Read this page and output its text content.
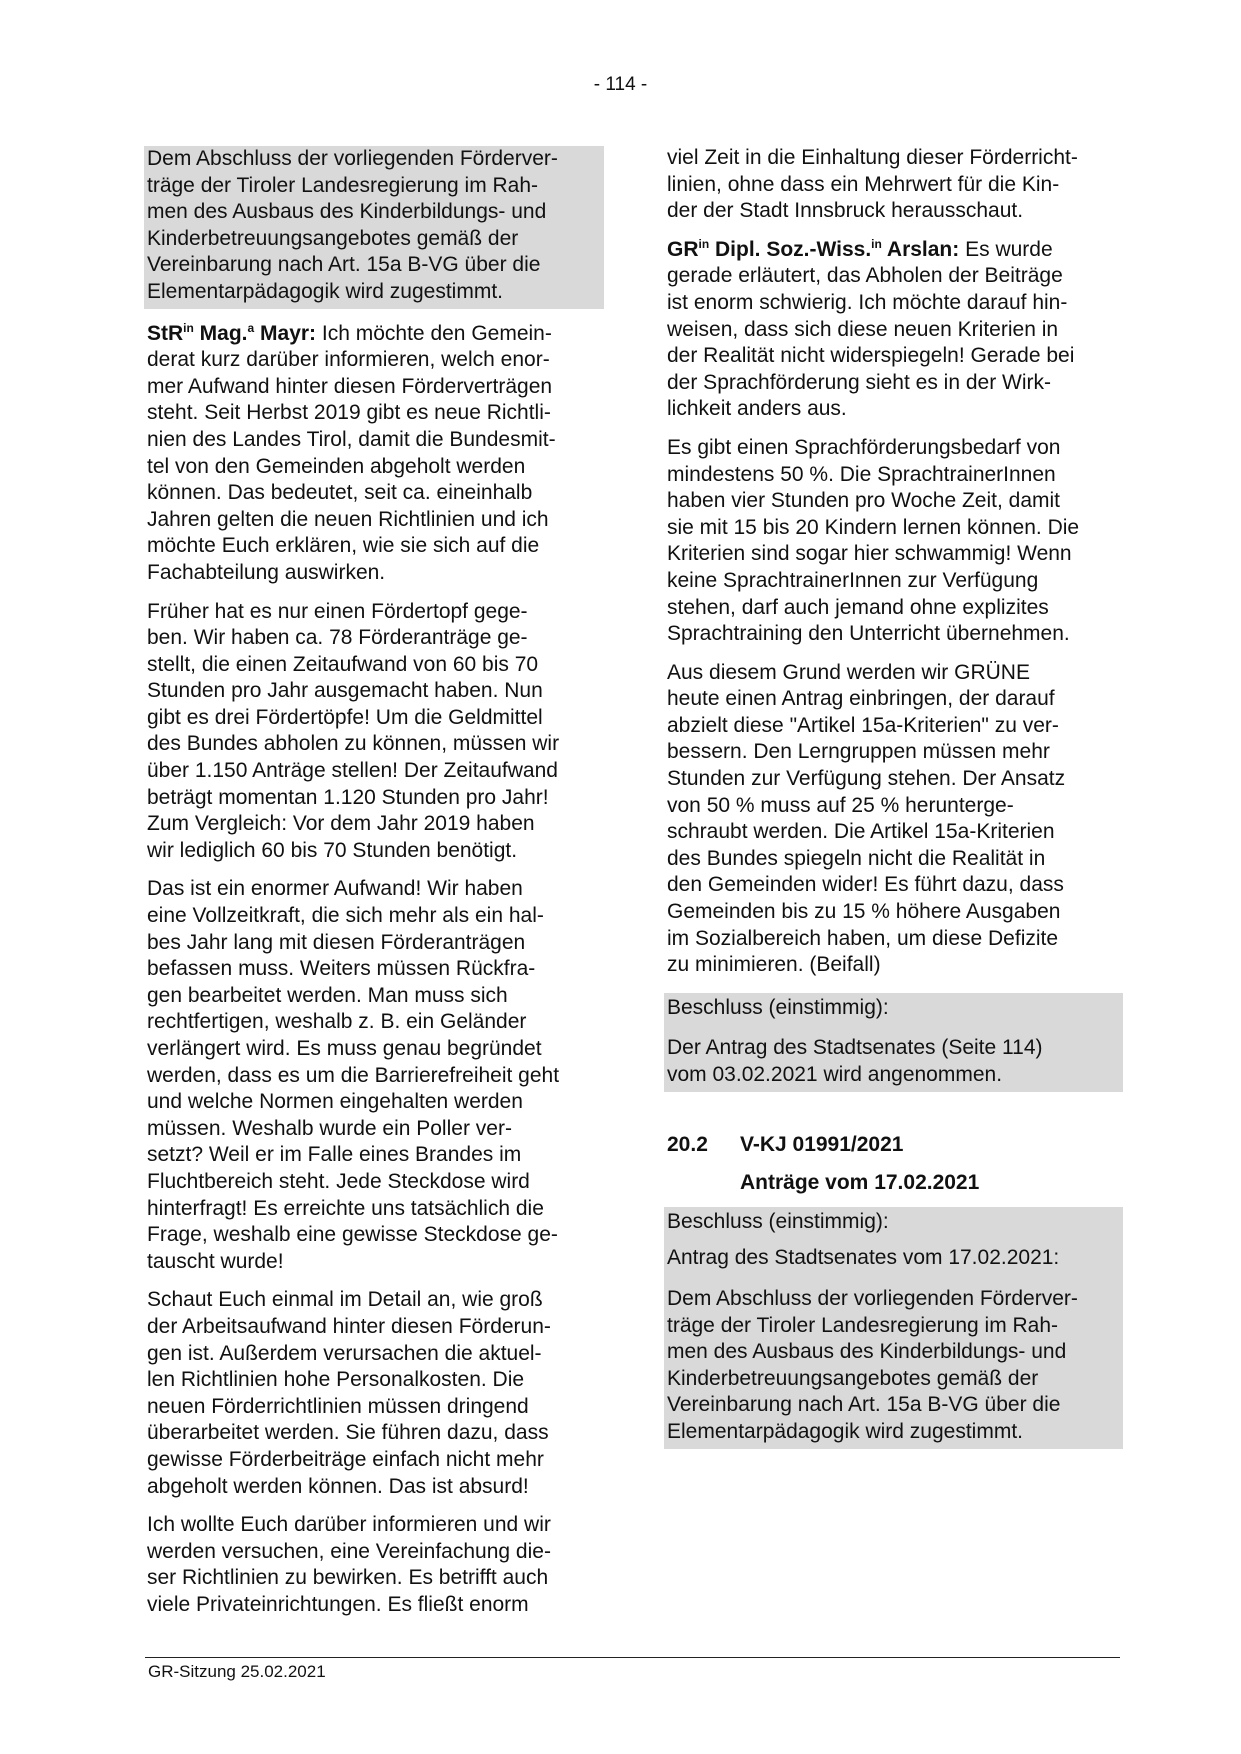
- 114 -

Dem Abschluss der vorliegenden Förderver-
träge der Tiroler Landesregierung im Rah-
men des Ausbaus des Kinderbildungs- und
Kinderbetreuungsangebotes gemäß der
Vereinbarung nach Art. 15a B-VG über die
Elementarpädagogik wird zugestimmt.

StR$^{in}$ Mag.$^a$ Mayr: Ich möchte den Gemein-
derat kurz darüber informieren, welch enor-
mer Aufwand hinter diesen Förderverträgen
steht. Seit Herbst 2019 gibt es neue Richtli-
nien des Landes Tirol, damit die Bundesmit-
tel von den Gemeinden abgeholt werden
können. Das bedeutet, seit ca. eineinhalb
Jahren gelten die neuen Richtlinien und ich
möchte Euch erklären, wie sie sich auf die
Fachabteilung auswirken.

Früher hat es nur einen Fördertopf gege-
ben. Wir haben ca. 78 Förderanträge ge-
stellt, die einen Zeitaufwand von 60 bis 70
Stunden pro Jahr ausgemacht haben. Nun
gibt es drei Fördertöpfe! Um die Geldmittel
des Bundes abholen zu können, müssen wir
über 1.150 Anträge stellen! Der Zeitaufwand
beträgt momentan 1.120 Stunden pro Jahr!
Zum Vergleich: Vor dem Jahr 2019 haben
wir lediglich 60 bis 70 Stunden benötigt.

Das ist ein enormer Aufwand! Wir haben
eine Vollzeitkraft, die sich mehr als ein hal-
bes Jahr lang mit diesen Förderanträgen
befassen muss. Weiters müssen Rückfra-
gen bearbeitet werden. Man muss sich
rechtfertigen, weshalb z. B. ein Geländer
verlängert wird. Es muss genau begründet
werden, dass es um die Barrierefreiheit geht
und welche Normen eingehalten werden
müssen. Weshalb wurde ein Poller ver-
setzt? Weil er im Falle eines Brandes im
Fluchtbereich steht. Jede Steckdose wird
hinterfragt! Es erreichte uns tatsächlich die
Frage, weshalb eine gewisse Steckdose ge-
tauscht wurde!

Schaut Euch einmal im Detail an, wie groß
der Arbeitsaufwand hinter diesen Förderun-
gen ist. Außerdem verursachen die aktuel-
len Richtlinien hohe Personalkosten. Die
neuen Förderrichtlinien müssen dringend
überarbeitet werden. Sie führen dazu, dass
gewisse Förderbeiträge einfach nicht mehr
abgeholt werden können. Das ist absurd!

Ich wollte Euch darüber informieren und wir
werden versuchen, eine Vereinfachung die-
ser Richtlinien zu bewirken. Es betrifft auch
viele Privateinrichtungen. Es fließt enorm

viel Zeit in die Einhaltung dieser Förderricht-
linien, ohne dass ein Mehrwert für die Kin-
der der Stadt Innsbruck herausschaut.

$GR^{in}$ Dipl. Soz.-Wiss.$^{in}$ Arslan: Es wurde
gerade erläutert, das Abholen der Beiträge
ist enorm schwierig. Ich möchte darauf hin-
weisen, dass sich diese neuen Kriterien in
der Realität nicht widerspiegeln! Gerade bei
der Sprachförderung sieht es in der Wirk-
lichkeit anders aus.

Es gibt einen Sprachförderungsbedarf von
mindestens 50 %. Die SprachtrainerInnen
haben vier Stunden pro Woche Zeit, damit
sie mit 15 bis 20 Kindern lernen können. Die
Kriterien sind sogar hier schwammig! Wenn
keine SprachtrainerInnen zur Verfügung
stehen, darf auch jemand ohne explizites
Sprachtraining den Unterricht übernehmen.

Aus diesem Grund werden wir GRÜNE
heute einen Antrag einbringen, der darauf
abzielt diese "Artikel 15a-Kriterien" zu ver-
bessern. Den Lerngruppen müssen mehr
Stunden zur Verfügung stehen. Der Ansatz
von 50 % muss auf 25 % herunterge-
schraubt werden. Die Artikel 15a-Kriterien
des Bundes spiegeln nicht die Realität in
den Gemeinden wider! Es führt dazu, dass
Gemeinden bis zu 15 % höhere Ausgaben
im Sozialbereich haben, um diese Defizite
zu minimieren. (Beifall)

Beschluss (einstimmig):

Der Antrag des Stadtsenates (Seite 114)
vom 03.02.2021 wird angenommen.

20.2	V-KJ 01991/2021
Anträge vom 17.02.2021

Beschluss (einstimmig):

Antrag des Stadtsenates vom 17.02.2021:

Dem Abschluss der vorliegenden Förderver-
träge der Tiroler Landesregierung im Rah-
men des Ausbaus des Kinderbildungs- und
Kinderbetreuungsangebotes gemäß der
Vereinbarung nach Art. 15a B-VG über die
Elementarpädagogik wird zugestimmt.

GR-Sitzung 25.02.2021
